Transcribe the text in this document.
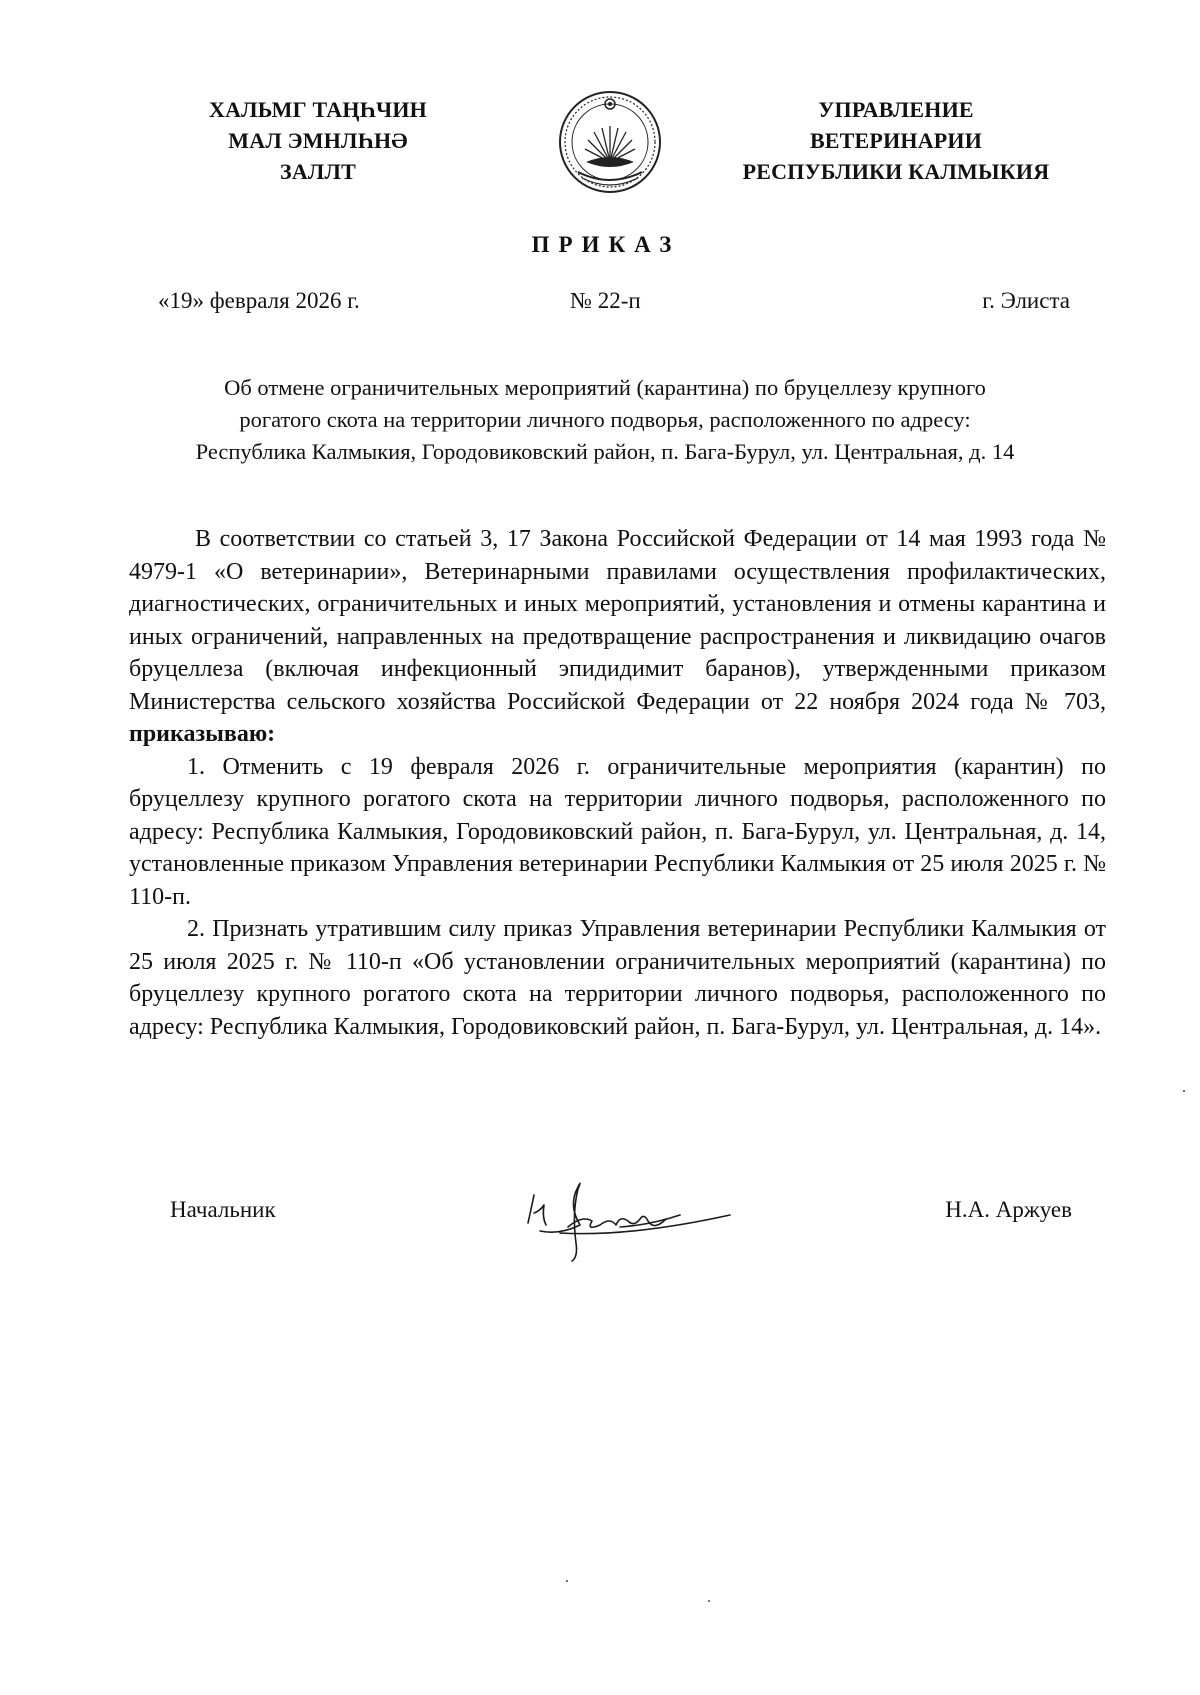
ХАЛЬМГ ТАҢҺЧИН
МАЛ ЭМНЛҺНӘ
ЗАЛЛТ
УПРАВЛЕНИЕ
ВЕТЕРИНАРИИ
РЕСПУБЛИКИ КАЛМЫКИЯ
ПРИКАЗ
«19» февраля 2026 г.	№ 22-п	г. Элиста
Об отмене ограничительных мероприятий (карантина) по бруцеллезу крупного
рогатого скота на территории личного подворья, расположенного по адресу:
Республика Калмыкия, Городовиковский район, п. Бага-Бурул, ул. Центральная, д. 14

В соответствии со статьей 3, 17 Закона Российской Федерации от 14 мая 1993 года № 4979-1 «О ветеринарии», Ветеринарными правилами осуществления профилактических, диагностических, ограничительных и иных мероприятий, установления и отмены карантина и иных ограничений, направленных на предотвращение распространения и ликвидацию очагов бруцеллеза (включая инфекционный эпидидимит баранов), утвержденными приказом Министерства сельского хозяйства Российской Федерации от 22 ноября 2024 года № 703, приказываю:

1. Отменить с 19 февраля 2026 г. ограничительные мероприятия (карантин) по бруцеллезу крупного рогатого скота на территории личного подворья, расположенного по адресу: Республика Калмыкия, Городовиковский район, п. Бага-Бурул, ул. Центральная, д. 14, установленные приказом Управления ветеринарии Республики Калмыкия от 25 июля 2025 г. № 110-п.

2. Признать утратившим силу приказ Управления ветеринарии Республики Калмыкия от 25 июля 2025 г. № 110-п «Об установлении ограничительных мероприятий (карантина) по бруцеллезу крупного рогатого скота на территории личного подворья, расположенного по адресу: Республика Калмыкия, Городовиковский район, п. Бага-Бурул, ул. Центральная, д. 14».

Начальник	Н.А. Аржуев
